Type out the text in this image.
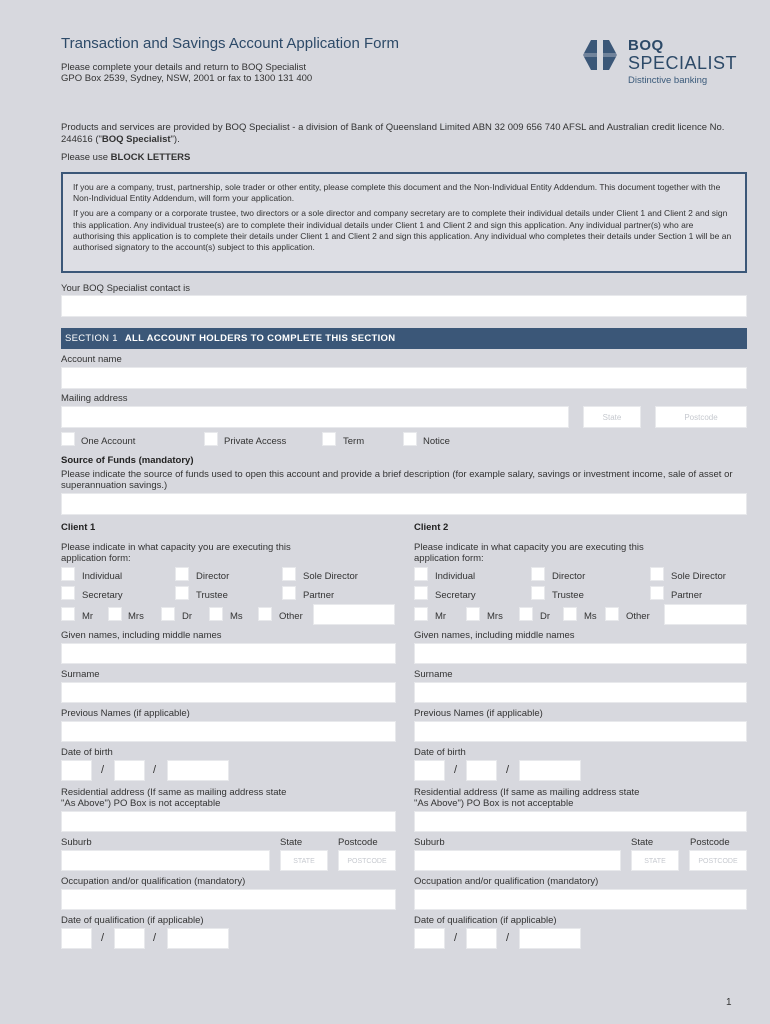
Transaction and Savings Account Application Form
Please complete your details and return to BOQ Specialist
GPO Box 2539, Sydney, NSW, 2001 or fax to 1300 131 400
BOQ
SPECIALIST
Distinctive banking
Products and services are provided by BOQ Specialist - a division of Bank of Queensland Limited ABN 32 009 656 740 AFSL and Australian credit licence No. 244616 ("BOQ Specialist").
Please use BLOCK LETTERS

If you are a company, trust, partnership, sole trader or other entity, please complete this document and the Non-Individual Entity Addendum. This document together with the Non-Individual Entity Addendum, will form your application.

If you are a company or a corporate trustee, two directors or a sole director and company secretary are to complete their individual details under Client 1 and Client 2 and sign this application. Any individual trustee(s) are to complete their individual details under Client 1 and Client 2 and sign this application. Any individual partner(s) who are authorising this application is to complete their details under Client 1 and Client 2 and sign this application. Any individual who completes their details under Section 1 will be an authorised signatory to the account(s) subject to this application.

Your BOQ Specialist contact is
SECTION 1 ALL ACCOUNT HOLDERS TO COMPLETE THIS SECTION
Account name
Mailing address
State	Postcode
One Account	Private Access	Term	Notice
Source of Funds (mandatory)
Please indicate the source of funds used to open this account and provide a brief description (for example salary, savings or investment income, sale of asset or superannuation savings.)
Client 1
Please indicate in what capacity you are executing this
application form:
Individual	Director	Sole Director
Secretary	Trustee	Partner
Mr	Mrs	Dr	Ms	Other
Given names, including middle names
Surname
Previous Names (if applicable)
Date of birth
/	/
Residential address (If same as mailing address state
"As Above") PO Box is not acceptable
Suburb	State	Postcode
STATE	POSTCODE
Occupation and/or qualification (mandatory)
Date of qualification (if applicable)
/	/
Client 2
Please indicate in what capacity you are executing this
application form:
Individual	Director	Sole Director
Secretary	Trustee	Partner
Mr	Mrs	Dr	Ms	Other
Given names, including middle names
Surname
Previous Names (if applicable)
Date of birth
/	/
Residential address (If same as mailing address state
"As Above") PO Box is not acceptable
Suburb	State	Postcode
STATE	POSTCODE
Occupation and/or qualification (mandatory)
Date of qualification (if applicable)
/	/
1
